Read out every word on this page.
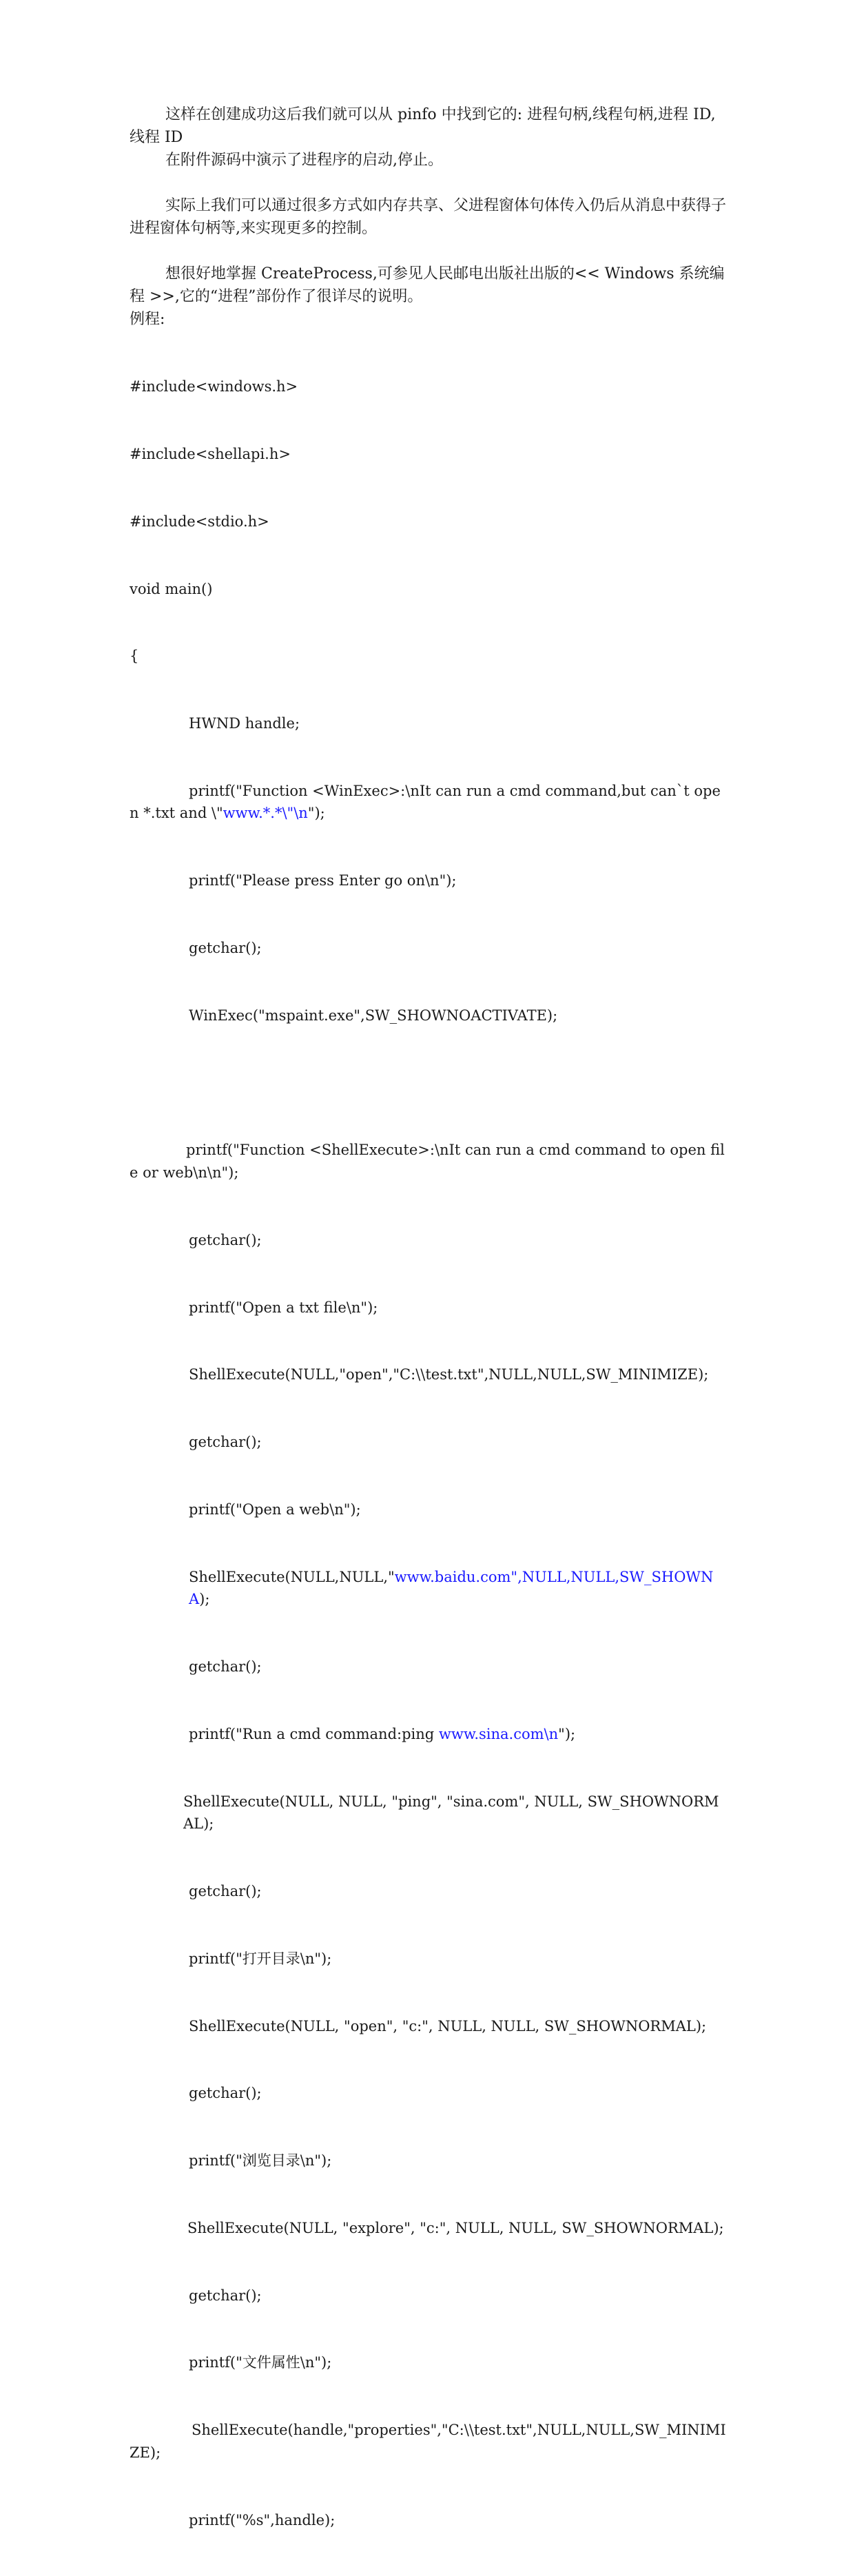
这样在创建成功这后我们就可以从 pinfo 中找到它的: 进程句柄,线程句柄,进程 ID,线程 ID

在附件源码中演示了进程序的启动,停止。

实际上我们可以通过很多方式如内存共享、父进程窗体句体传入仍后从消息中获得子进程窗体句柄等,来实现更多的控制。

想很好地掌握 CreateProcess,可参见人民邮电出版社出版的<< Windows 系统编程 >>,它的“进程”部份作了很详尽的说明。

例程:

#include<windows.h>

#include<shellapi.h>

#include<stdio.h>

void main()

{

HWND handle;

printf("Function <WinExec>:\nIt can run a cmd command,but can`t open *.txt and \"www.*.*\"\n");

printf("Please press Enter go on\n");

getchar();

WinExec("mspaint.exe",SW_SHOWNOACTIVATE);

printf("Function <ShellExecute>:\nIt can run a cmd command to open file or web\n\n");

getchar();

printf("Open a txt file\n");

ShellExecute(NULL,"open","C:\\test.txt",NULL,NULL,SW_MINIMIZE);

getchar();

printf("Open a web\n");

ShellExecute(NULL,NULL,"www.baidu.com",NULL,NULL,SW_SHOWNA);

getchar();

printf("Run a cmd command:ping www.sina.com\n");

ShellExecute(NULL, NULL, "ping", "sina.com", NULL, SW_SHOWNORMAL);

getchar();

printf("打开目录\n");

ShellExecute(NULL, "open", "c:", NULL, NULL, SW_SHOWNORMAL);

getchar();

printf("浏览目录\n");

ShellExecute(NULL, "explore", "c:", NULL, NULL, SW_SHOWNORMAL);

getchar();

printf("文件属性\n");

ShellExecute(handle,"properties","C:\\test.txt",NULL,NULL,SW_MINIMIZE);

printf("%s",handle);
